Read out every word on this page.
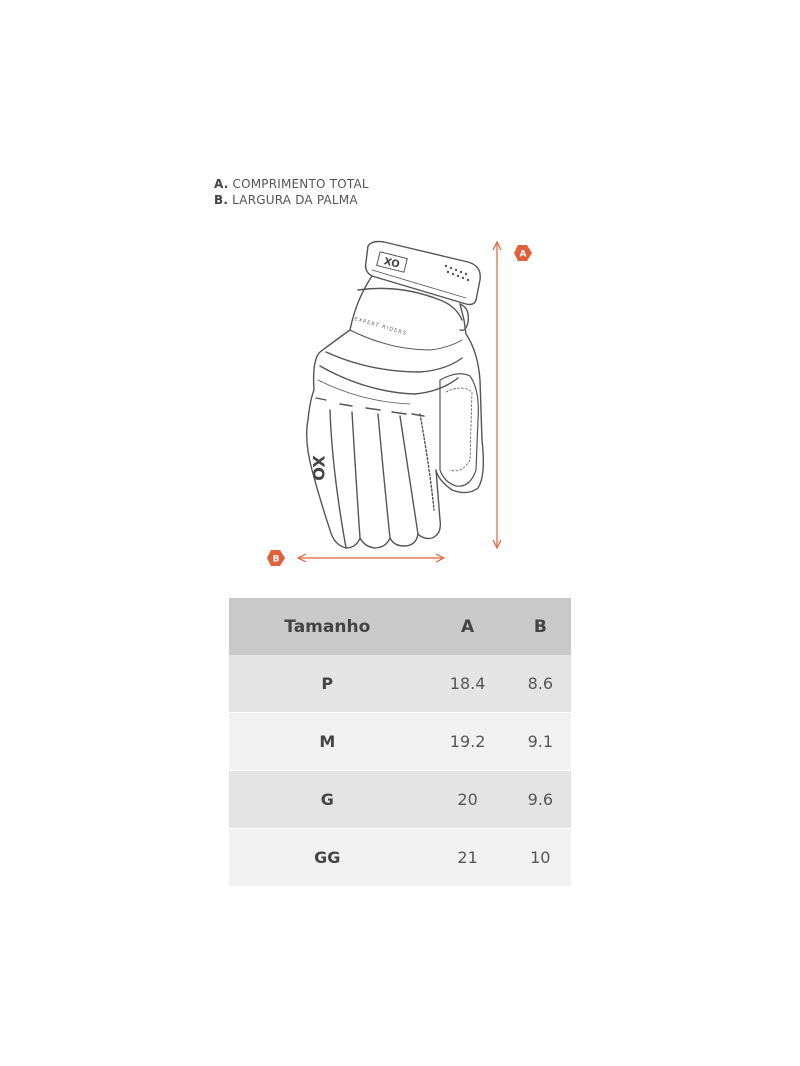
A. COMPRIMENTO TOTAL
B. LARGURA DA PALMA
XO
XO
EXPERT RIDERS
A
B
Tamanho	A	B
P	18.4	8.6
M	19.2	9.1
G	20	9.6
GG	21	10
